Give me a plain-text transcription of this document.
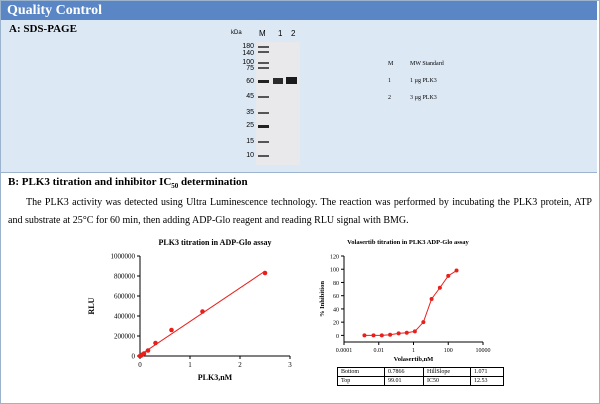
Quality Control
A: SDS-PAGE	kDa M 1 2
180
140
100
75
60
45
35
25
15
10
M	MW Standard
1	1 µg PLK3
2	3 µg PLK3
B: PLK3 titration and inhibitor $IC_{50}$ determination
The PLK3 activity was detected using Ultra Luminescence technology. The reaction was performed by incubating the PLK3 protein, ATP and substrate at 25°C for 60 min, then adding ADP-Glo reagent and reading RLU signal with BMG.
PLK3 titration in ADP-Glo assay
0
200000
400000
600000
800000
1000000
0	1	2	3
PLK3,nM
RLU
Volasertib titration in PLK3 ADP-Glo assay
0
20
40
60
80
100
120
0.0001	0.01	1	100	10000
Volasertib,nM
% Inhibition
Bottom	0.7866	HillSlope	1.071
Top	99.01	IC50	12.53
